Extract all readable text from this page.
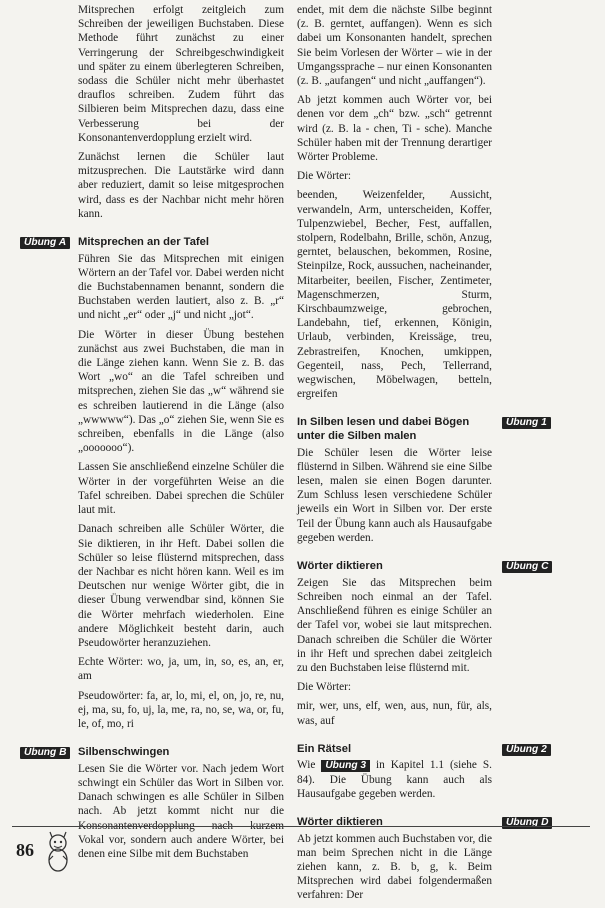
Mitsprechen erfolgt zeitgleich zum Schreiben der jeweiligen Buchstaben. Diese Methode führt zunächst zu einer Verringerung der Schreibgeschwindigkeit und später zu einem überlegteren Schreiben, sodass die Schüler nicht mehr überhastet drauflos schreiben. Zudem führt das Silbieren beim Mitsprechen dazu, dass eine Verbesserung bei der Konsonantenverdopplung erzielt wird.

Zunächst lernen die Schüler laut mitzusprechen. Die Lautstärke wird dann aber reduziert, damit so leise mitgesprochen wird, dass es der Nachbar nicht mehr hören kann.

Übung A	Mitsprechen an der Tafel

Führen Sie das Mitsprechen mit einigen Wörtern an der Tafel vor. Dabei werden nicht die Buchstabennamen benannt, sondern die Buchstaben werden lautiert, also z. B. „r“ und nicht „er“ oder „j“ und nicht „jot“.

Die Wörter in dieser Übung bestehen zunächst aus zwei Buchstaben, die man in die Länge ziehen kann. Wenn Sie z. B. das Wort „wo“ an die Tafel schreiben und mitsprechen, ziehen Sie das „w“ während sie es schreiben lautierend in die Länge (also „wwwww“). Das „o“ ziehen Sie, wenn Sie es schreiben, ebenfalls in die Länge (also „ooooooo“).

Lassen Sie anschließend einzelne Schüler die Wörter in der vorgeführten Weise an die Tafel schreiben. Dabei sprechen die Schüler laut mit.

Danach schreiben alle Schüler Wörter, die Sie diktieren, in ihr Heft. Dabei sollen die Schüler so leise flüsternd mitsprechen, dass der Nachbar es nicht hören kann. Weil es im Deutschen nur wenige Wörter gibt, die in dieser Übung verwendbar sind, können Sie die Wörter mehrfach wiederholen. Eine andere Möglichkeit besteht darin, auch Pseudowörter heranzuziehen.

Echte Wörter: wo, ja, um, in, so, es, an, er, am

Pseudowörter: fa, ar, lo, mi, el, on, jo, re, nu, ej, ma, su, fo, uj, la, me, ra, no, se, wa, or, fu, le, of, mo, ri

Übung B	Silbenschwingen

Lesen Sie die Wörter vor. Nach jedem Wort schwingt ein Schüler das Wort in Silben vor. Danach schwingen es alle Schüler in Silben nach. Ab jetzt kommt nicht nur die Konsonantenverdopplung nach kurzem Vokal vor, sondern auch andere Wörter, bei denen eine Silbe mit dem Buchstaben

endet, mit dem die nächste Silbe beginnt (z. B. gerntet, auffangen). Wenn es sich dabei um Konsonanten handelt, sprechen Sie beim Vorlesen der Wörter – wie in der Umgangssprache – nur einen Konsonanten (z. B. „aufangen“ und nicht „auffangen“).

Ab jetzt kommen auch Wörter vor, bei denen vor dem „ch“ bzw. „sch“ getrennt wird (z. B. la - chen, Ti - sche). Manche Schüler haben mit der Trennung derartiger Wörter Probleme.

Die Wörter:

beenden, Weizenfelder, Aussicht, verwandeln, Arm, unterscheiden, Koffer, Tulpenzwiebel, Becher, Fest, auffallen, stolpern, Rodelbahn, Brille, schön, Anzug, gerntet, belauschen, bekommen, Rosine, Steinpilze, Rock, aussuchen, nacheinander, Mitarbeiter, beeilen, Fischer, Zentimeter, Magenschmerzen, Sturm, Kirschbaumzweige, gebrochen, Landebahn, tief, erkennen, Königin, Urlaub, verbinden, Kreissäge, treu, Zebrastreifen, Knochen, umkippen, Gegenteil, nass, Pech, Tellerrand, wegwischen, Möbelwagen, betteln, ergreifen

In Silben lesen und dabei Bögen unter die Silben malen
Übung 1

Die Schüler lesen die Wörter leise flüsternd in Silben. Während sie eine Silbe lesen, malen sie einen Bogen darunter. Zum Schluss lesen verschiedene Schüler jeweils ein Wort in Silben vor. Der erste Teil der Übung kann auch als Hausaufgabe gegeben werden.

Wörter diktieren	Übung C

Zeigen Sie das Mitsprechen beim Schreiben noch einmal an der Tafel. Anschließend führen es einige Schüler an der Tafel vor, wobei sie laut mitsprechen. Danach schreiben die Schüler die Wörter in ihr Heft und sprechen dabei zeitgleich zu den Buchstaben leise flüsternd mit.

Die Wörter:

mir, wer, uns, elf, wen, aus, nun, für, als, was, auf

Ein Rätsel	Übung 2

Wie Übung 3 in Kapitel 1.1 (siehe S. 84). Die Übung kann auch als Hausaufgabe gegeben werden.

Wörter diktieren	Übung D

Ab jetzt kommen auch Buchstaben vor, die man beim Sprechen nicht in die Länge ziehen kann, z. B. b, g, k. Beim Mitsprechen wird dabei folgendermaßen verfahren: Der

86
